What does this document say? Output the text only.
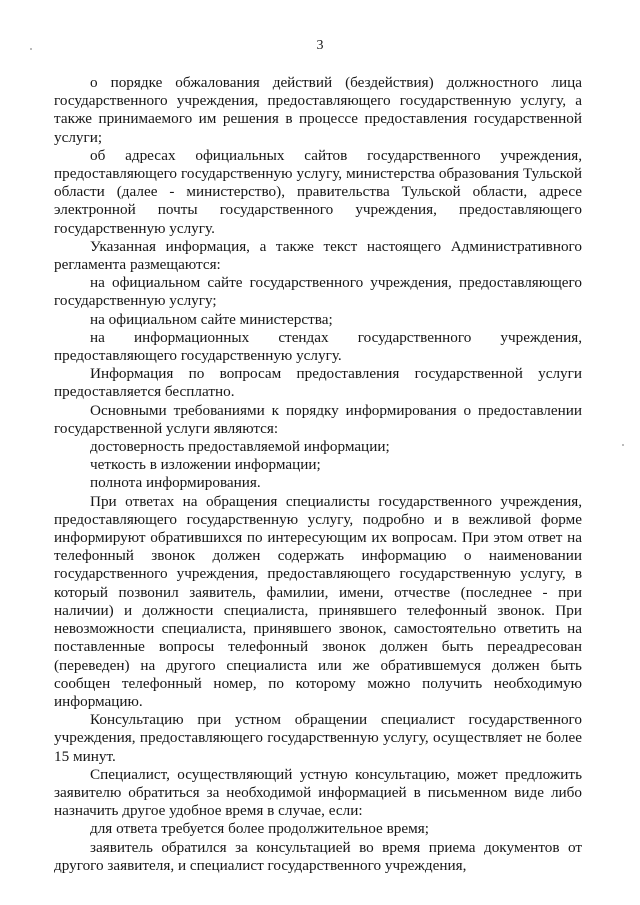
3

о порядке обжалования действий (бездействия) должностного лица государственного учреждения, предоставляющего государственную услугу, а также принимаемого им решения в процессе предоставления государственной услуги;

об адресах официальных сайтов государственного учреждения, предоставляющего государственную услугу, министерства образования Тульской области (далее - министерство), правительства Тульской области, адресе электронной почты государственного учреждения, предоставляющего государственную услугу.

Указанная информация, а также текст настоящего Административного регламента размещаются:

на официальном сайте государственного учреждения, предоставляющего государственную услугу;

на официальном сайте министерства;

на информационных стендах государственного учреждения, предоставляющего государственную услугу.

Информация по вопросам предоставления государственной услуги предоставляется бесплатно.

Основными требованиями к порядку информирования о предоставлении государственной услуги являются:

достоверность предоставляемой информации;

четкость в изложении информации;

полнота информирования.

При ответах на обращения специалисты государственного учреждения, предоставляющего государственную услугу, подробно и в вежливой форме информируют обратившихся по интересующим их вопросам. При этом ответ на телефонный звонок должен содержать информацию о наименовании государственного учреждения, предоставляющего государственную услугу, в который позвонил заявитель, фамилии, имени, отчестве (последнее - при наличии) и должности специалиста, принявшего телефонный звонок. При невозможности специалиста, принявшего звонок, самостоятельно ответить на поставленные вопросы телефонный звонок должен быть переадресован (переведен) на другого специалиста или же обратившемуся должен быть сообщен телефонный номер, по которому можно получить необходимую информацию.

Консультацию при устном обращении специалист государственного учреждения, предоставляющего государственную услугу, осуществляет не более 15 минут.

Специалист, осуществляющий устную консультацию, может предложить заявителю обратиться за необходимой информацией в письменном виде либо назначить другое удобное время в случае, если:

для ответа требуется более продолжительное время;

заявитель обратился за консультацией во время приема документов от другого заявителя, и специалист государственного учреждения,
